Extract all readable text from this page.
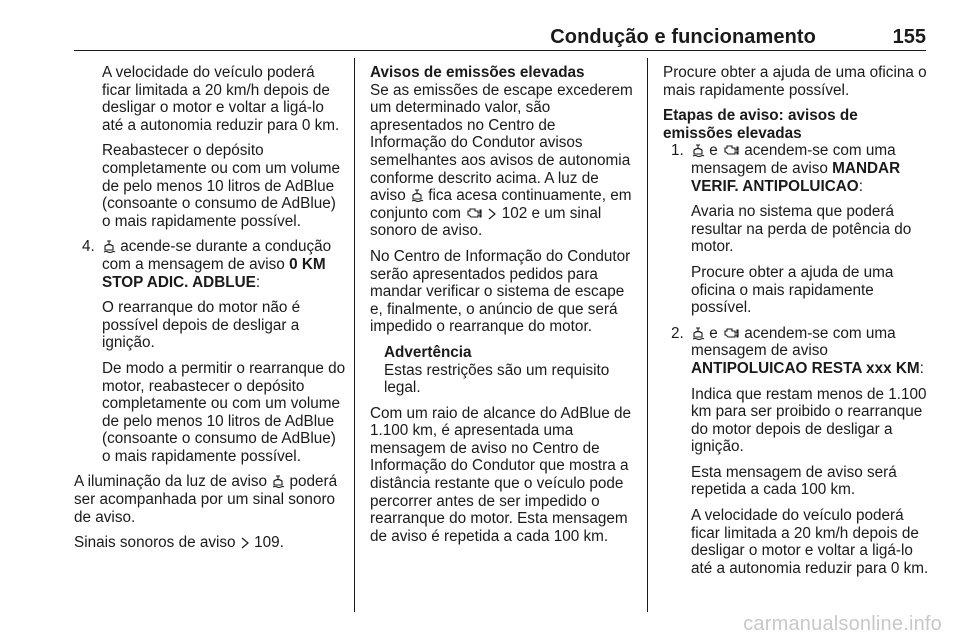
Condução e funcionamento	155

A velocidade do veículo poderá ficar limitada a 20 km/h depois de desligar o motor e voltar a ligá-lo até a autonomia reduzir para 0 km.

Reabastecer o depósito completamente ou com um volume de pelo menos 10 litros de AdBlue (consoante o consumo de AdBlue) o mais rapidamente possível.

4. acende-se durante a condução com a mensagem de aviso 0 KM STOP ADIC. ADBLUE:

O rearranque do motor não é possível depois de desligar a ignição.

De modo a permitir o rearranque do motor, reabastecer o depósito completamente ou com um volume de pelo menos 10 litros de AdBlue (consoante o consumo de AdBlue) o mais rapidamente possível.

A iluminação da luz de aviso poderá ser acompanhada por um sinal sonoro de aviso.

Sinais sonoros de aviso 109.

Avisos de emissões elevadas

Se as emissões de escape excederem um determinado valor, são apresentados no Centro de Informação do Condutor avisos semelhantes aos avisos de autonomia conforme descrito acima. A luz de aviso fica acesa continuamente, em conjunto com	102 e um sinal sonoro de aviso.

No Centro de Informação do Condutor serão apresentados pedidos para mandar verificar o sistema de escape e, finalmente, o anúncio de que será impedido o rearranque do motor.

Advertência

Estas restrições são um requisito legal.

Com um raio de alcance do AdBlue de 1.100 km, é apresentada uma mensagem de aviso no Centro de Informação do Condutor que mostra a distância restante que o veículo pode percorrer antes de ser impedido o rearranque do motor. Esta mensagem de aviso é repetida a cada 100 km.

Procure obter a ajuda de uma oficina o mais rapidamente possível.

Etapas de aviso: avisos de emissões elevadas

1. e acendem-se com uma mensagem de aviso MANDAR VERIF. ANTIPOLUICAO:

Avaria no sistema que poderá resultar na perda de potência do motor.

Procure obter a ajuda de uma oficina o mais rapidamente possível.

2. e acendem-se com uma mensagem de aviso ANTIPOLUICAO RESTA xxx KM:

Indica que restam menos de 1.100 km para ser proibido o rearranque do motor depois de desligar a ignição.

Esta mensagem de aviso será repetida a cada 100 km.

A velocidade do veículo poderá ficar limitada a 20 km/h depois de desligar o motor e voltar a ligá-lo até a autonomia reduzir para 0 km.

carmanualsonline.info
